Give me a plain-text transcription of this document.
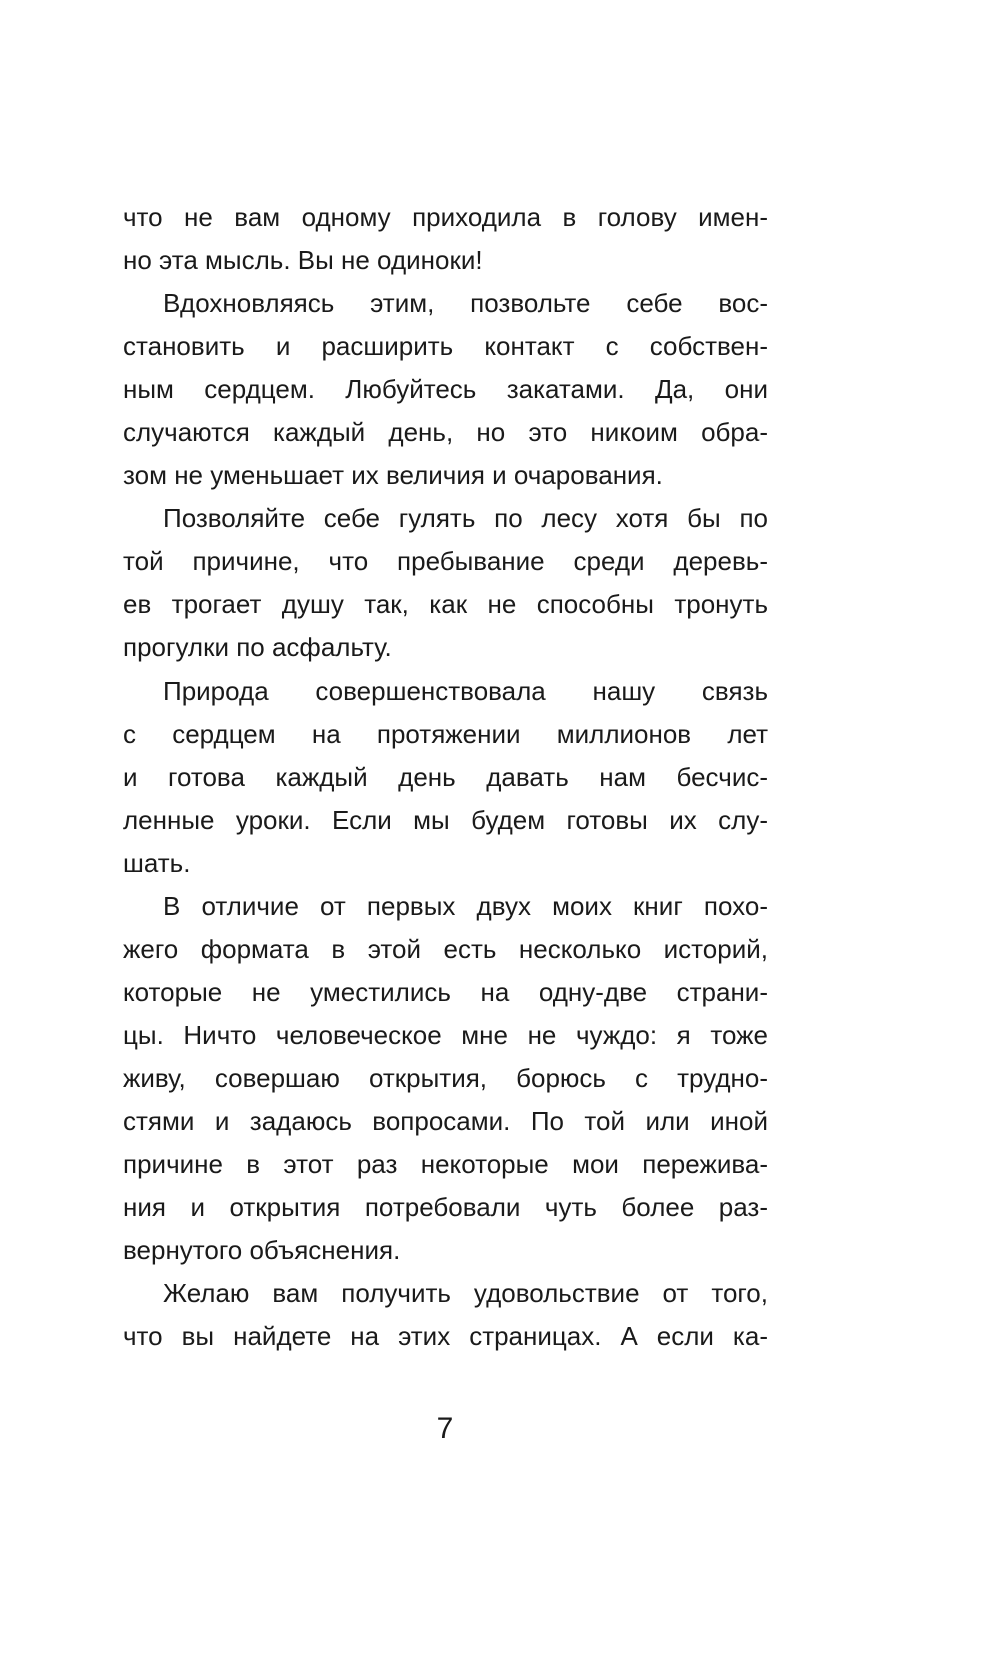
что не вам одному приходила в голову имен-
но эта мысль. Вы не одиноки!
Вдохновляясь этим, позвольте себе вос-
становить и расширить контакт с собствен-
ным сердцем. Любуйтесь закатами. Да, они
случаются каждый день, но это никоим обра-
зом не уменьшает их величия и очарования.
Позволяйте себе гулять по лесу хотя бы по
той причине, что пребывание среди деревь-
ев трогает душу так, как не способны тронуть
прогулки по асфальту.
Природа совершенствовала нашу связь
с сердцем на протяжении миллионов лет
и готова каждый день давать нам бесчис-
ленные уроки. Если мы будем готовы их слу-
шать.
В отличие от первых двух моих книг похо-
жего формата в этой есть несколько историй,
которые не уместились на одну-две страни-
цы. Ничто человеческое мне не чуждо: я тоже
живу, совершаю открытия, борюсь с трудно-
стями и задаюсь вопросами. По той или иной
причине в этот раз некоторые мои пережива-
ния и открытия потребовали чуть более раз-
вернутого объяснения.
Желаю вам получить удовольствие от того,
что вы найдете на этих страницах. А если ка-
7
